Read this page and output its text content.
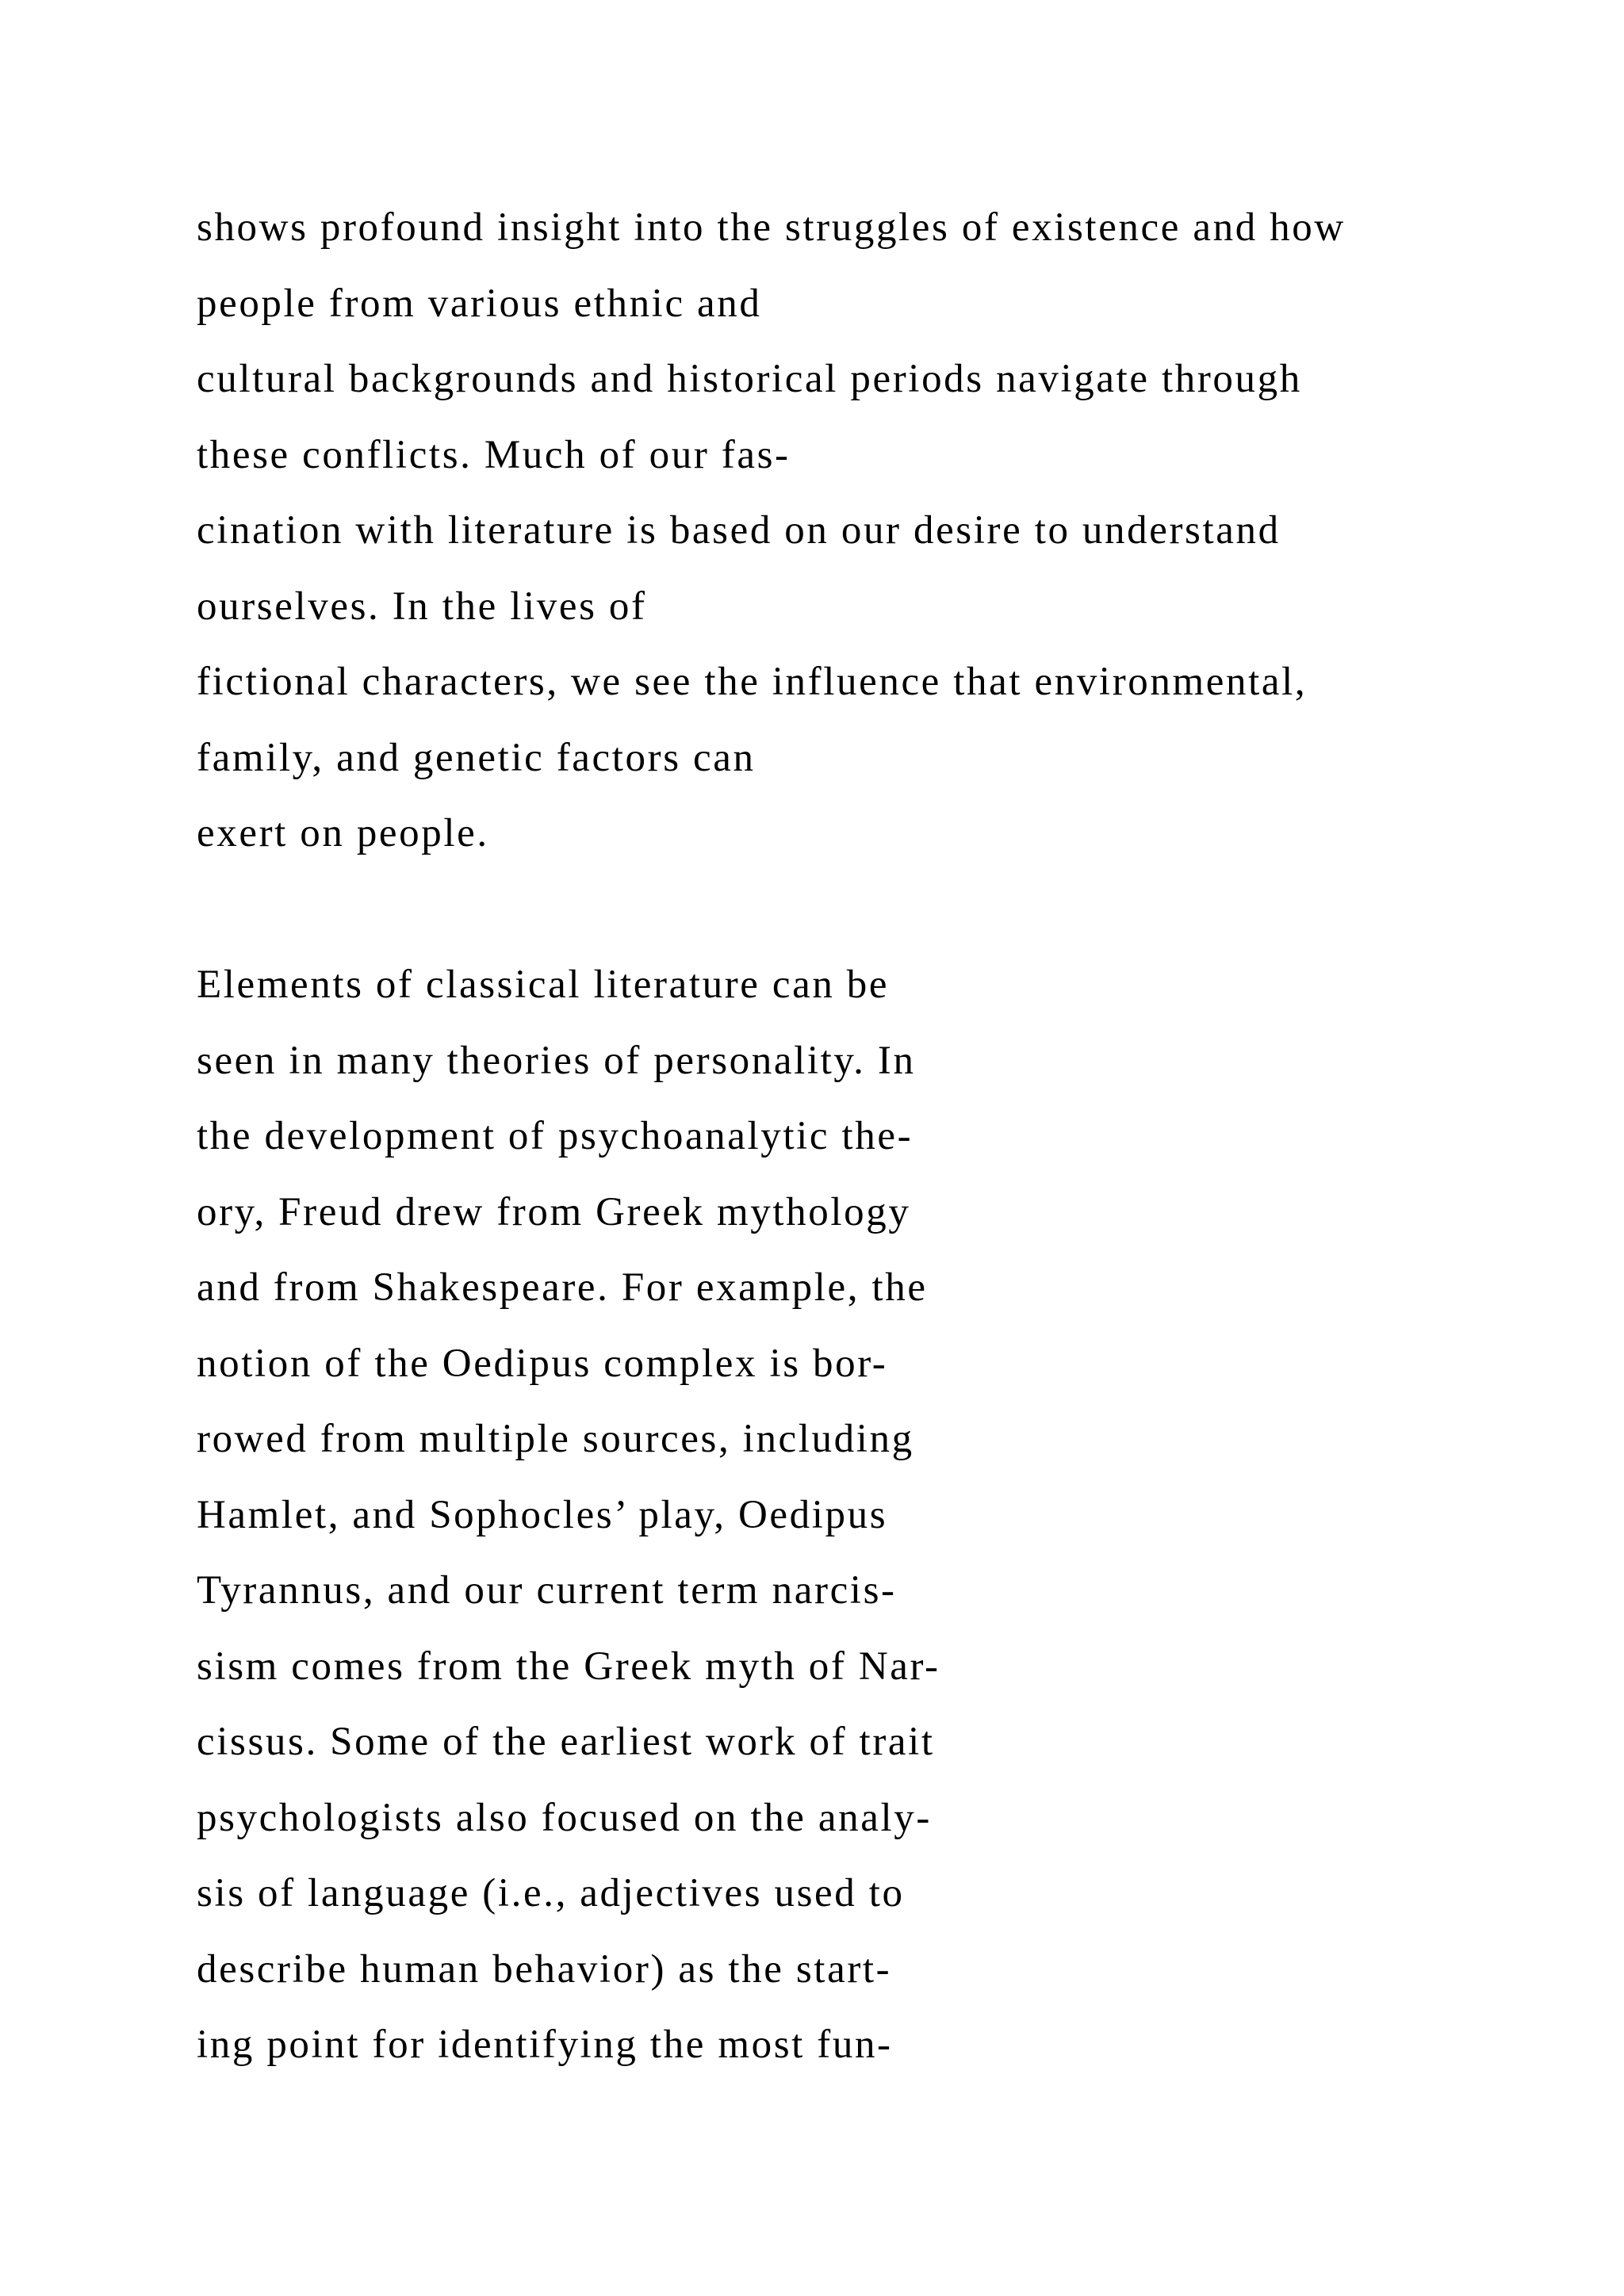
shows profound insight into the struggles of existence and how
people from various ethnic and
cultural backgrounds and historical periods navigate through
these conflicts. Much of our fas-
cination with literature is based on our desire to understand
ourselves. In the lives of
fictional characters, we see the influence that environmental,
family, and genetic factors can
exert on people.
Elements of classical literature can be
seen in many theories of personality. In
the development of psychoanalytic the-
ory, Freud drew from Greek mythology
and from Shakespeare. For example, the
notion of the Oedipus complex is bor-
rowed from multiple sources, including
Hamlet, and Sophocles’ play, Oedipus
Tyrannus, and our current term narcis-
sism comes from the Greek myth of Nar-
cissus. Some of the earliest work of trait
psychologists also focused on the analy-
sis of language (i.e., adjectives used to
describe human behavior) as the start-
ing point for identifying the most fun-
